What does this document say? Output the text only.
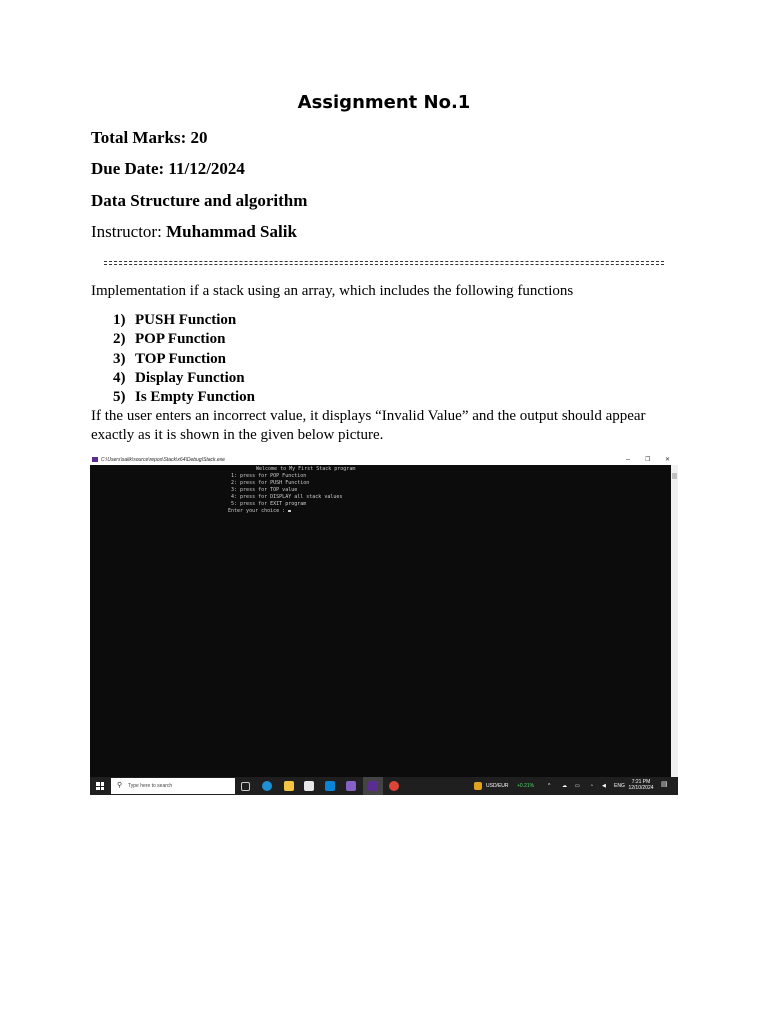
Assignment No.1
Total Marks: 20
Due Date: 11/12/2024
Data Structure and algorithm
Instructor: Muhammad Salik
Implementation if a stack using an array, which includes the following functions
1) PUSH Function
2) POP Function
3) TOP Function
4) Display Function
5) Is Empty Function
If the user enters an incorrect value, it displays “Invalid Value” and the output should appear exactly as it is shown in the given below picture.
C:\Users\salik\source\repos\Stack\x64\Debug\Stack.exe	–	❐ ✕
Welcome to My First Stack program
1: press for POP Function
2: press for PUSH Function
3: press for TOP value
4: press for DISPLAY all stack values
5: press for EXIT program
Enter your choice :
⚲ Type here to search	USD/EUR +0.21%	^ ☁ ▭ ◔ ◀ ENG
7:21 PM
12/10/2024 ▤
